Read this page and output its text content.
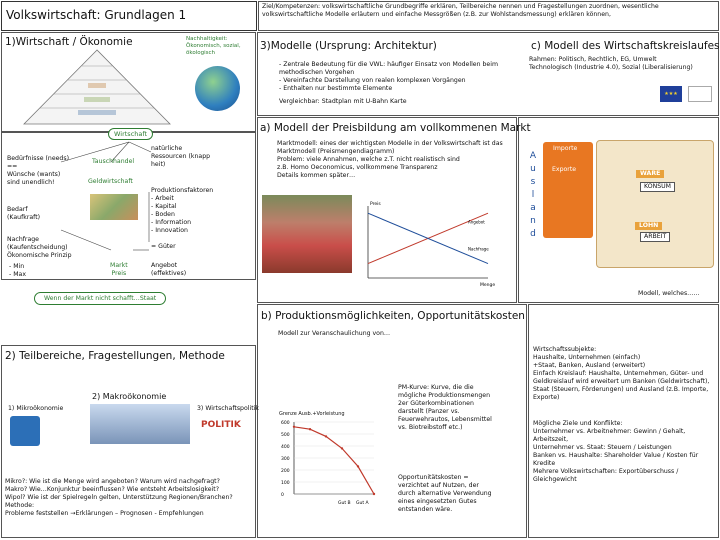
Volkswirtschaft: Grundlagen 1
Ziel/Kompetenzen: volkswirtschaftliche Grundbegriffe erklären, Teilbereiche nennen und Fragestellungen zuordnen, wesentliche volkswirtschaftliche Modelle erläutern und einfache Messgrößen (z.B. zur Wohlstandsmessung) erklären können,
1)Wirtschaft / Ökonomie	Nachhaltigkeit: Ökonomisch, sozial, ökologisch
Wirtschaft
Bedürfnisse (needs)
==
Wünsche (wants)
sind unendlich!
Tauschhandel
Geldwirtschaft
natürliche Ressourcen (knapp heit)
Produktionsfaktoren
- Arbeit
- Kapital
- Boden
- Information
- Innovation
= Güter
Bedarf
(Kaufkraft)
Nachfrage
(Kaufentscheidung)
Ökonomische Prinzip
- Min
- Max
Markt
Preis
Angebot
(effektives)
Wenn der Markt nicht schafft…Staat
3)Modelle (Ursprung: Architektur)
- Zentrale Bedeutung für die VWL: häufiger Einsatz von Modellen beim methodischen Vorgehen
- Vereinfachte Darstellung von realen komplexen Vorgängen
- Enthalten nur bestimmte Elemente
Vergleichbar: Stadtplan mit U-Bahn Karte
c) Modell des Wirtschaftskreislaufes
Rahmen: Politisch, Rechtlich, EG, Umwelt
Technologisch (Industrie 4.0), Sozial (Liberalisierung)
★★★
a) Modell der Preisbildung am vollkommenen Markt
Marktmodell: eines der wichtigsten Modelle in der Volkswirtschaft ist das Marktmodell (Preismengendiagramm)
Problem: viele Annahmen, welche z.T. nicht realistisch sind
z.B. Homo Oeconomicus, vollkommene Transparenz
Details kommen später…
Preis
Menge
Angebot
Nachfrage
A
u
s
l
a
n
d
Importe
Exporte
WARE
KONSUM
LOHN
ARBEIT
Modell, welches……
b) Produktionsmöglichkeiten, Opportunitätskosten
Modell zur Veranschaulichung von…
Grenze Ausb.+Vorleistung
600
500
400
300
200
100
0
Gut B Gut A
PM-Kurve: Kurve, die die mögliche Produktionsmengen 2er Güterkombinationen darstellt (Panzer vs. Feuerwehrautos, Lebensmittel vs. Biotreibstoff etc.)
Opportunitätskosten = verzichtet auf Nutzen, der durch alternative Verwendung eines eingesetzten Gutes entstanden wäre.
Wirtschaftssubjekte:
Haushalte, Unternehmen (einfach)
+Staat, Banken, Ausland (erweitert)
Einfach Kreislauf: Haushalte, Unternehmen, Güter- und Geldkreislauf wird erweitert um Banken (Geldwirtschaft), Staat (Steuern, Förderungen) und Ausland (z.B. Importe, Exporte)
Mögliche Ziele und Konflikte:
Unternehmer vs. Arbeitnehmer: Gewinn / Gehalt, Arbeitszeit,
Unternehmer vs. Staat: Steuern / Leistungen
Banken vs. Haushalte: Shareholder Value / Kosten für Kredite
Mehrere Volkswirtschaften: Exportüberschuss / Gleichgewicht
2) Teilbereiche, Fragestellungen, Methode
1) Mikroökonomie
2) Makroökonomie
3) Wirtschaftspolitik
POLITIK
Mikro?: Wie ist die Menge wird angeboten? Warum wird nachgefragt?
Makro? Wie…Konjunktur beeinflussen? Wie entsteht Arbeitslosigkeit?
Wipol? Wie ist der Spielregeln gelten, Unterstützung Regionen/Branchen?
Methode:
Probleme feststellen →Erklärungen – Prognosen - Empfehlungen
